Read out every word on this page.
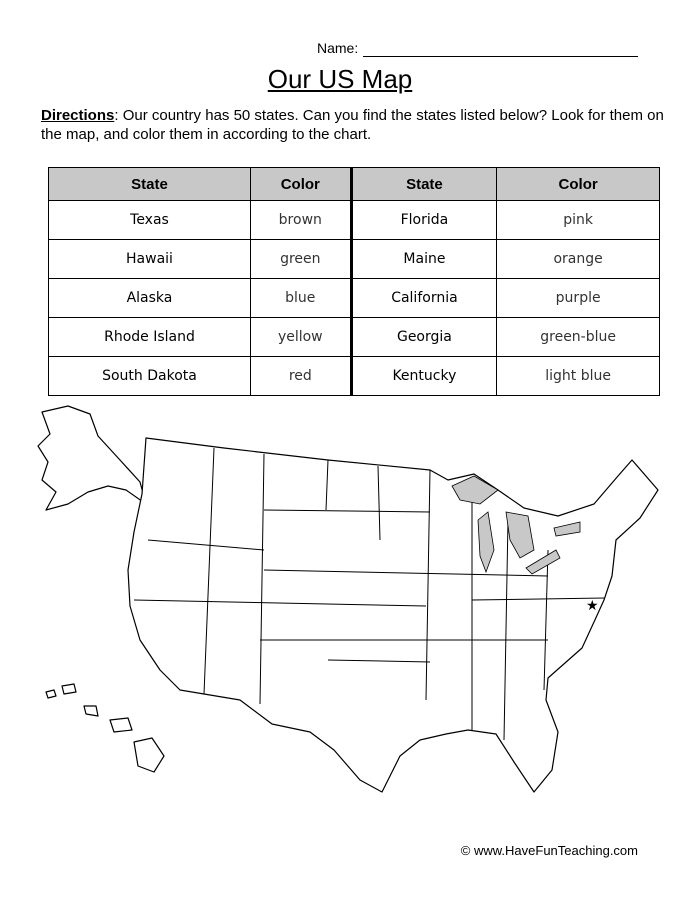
Name:
Our US Map
Directions: Our country has 50 states. Can you find the states listed below? Look for them on the map, and color them in according to the chart.
State	Color	State	Color
Texas	brown	Florida	pink
Hawaii	green	Maine	orange
Alaska	blue	California	purple
Rhode Island	yellow	Georgia	green-blue
South Dakota	red	Kentucky	light blue
★
© www.HaveFunTeaching.com
